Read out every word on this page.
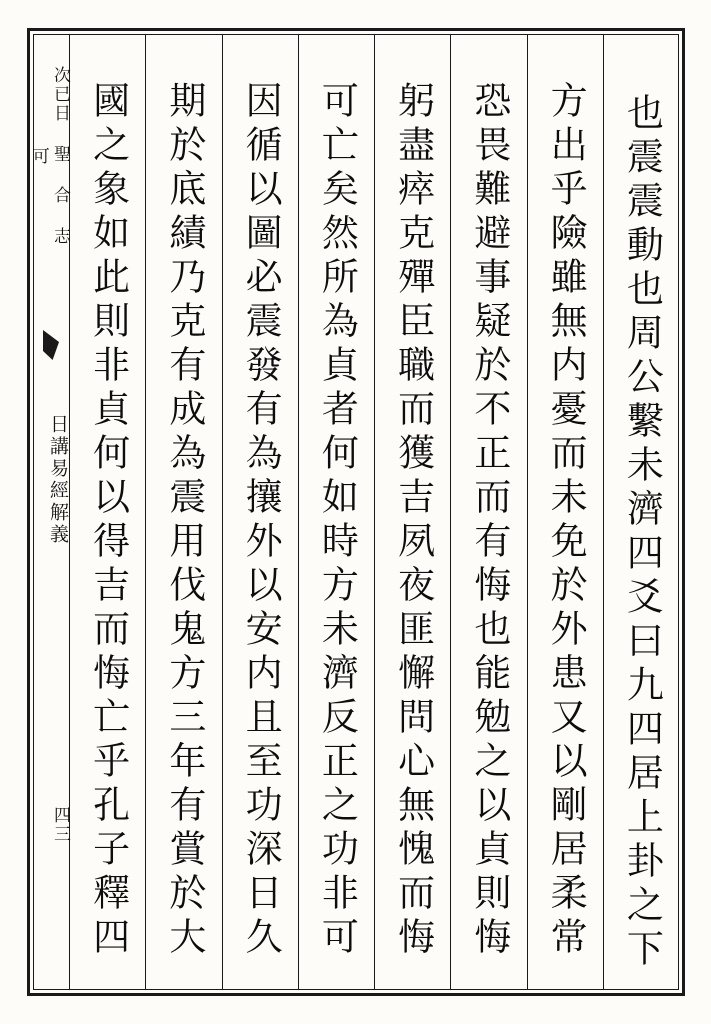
次已日 聖 合 志 可
日講易經解義
四三	也震震動也周公繫未濟四爻曰九四居上卦之下
方出乎險雖無内憂而未免於外患又以剛居柔常
恐畏難避事疑於不正而有悔也能勉之以貞則悔
躬盡瘁克殫臣職而獲吉夙夜匪懈問心無愧而悔
可亡矣然所為貞者何如時方未濟反正之功非可
因循以圖必震發有為攘外以安内且至功深日久
期於底績乃克有成為震用伐鬼方三年有賞於大
國之象如此則非貞何以得吉而悔亡乎孔子釋四
